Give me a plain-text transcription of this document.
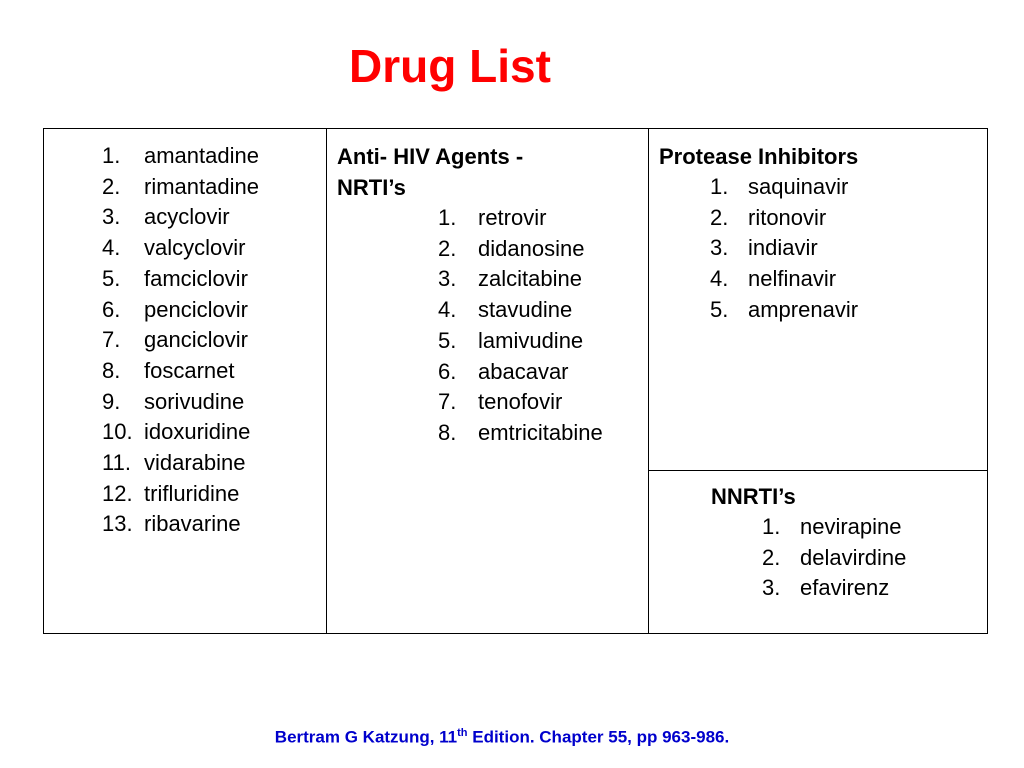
Drug List
1.	amantadine
2.	rimantadine
3.	acyclovir
4.	valcyclovir
5.	famciclovir
6.	penciclovir
7.	ganciclovir
8.	foscarnet
9.	sorivudine
10. idoxuridine
11. vidarabine
12. trifluridine
13. ribavarine

Anti- HIV Agents -
NRTI’s
1. retrovir
2. didanosine
3. zalcitabine
4. stavudine
5. lamivudine
6. abacavar
7. tenofovir
8. emtricitabine

Protease Inhibitors
1. saquinavir
2. ritonovir
3. indiavir
4. nelfinavir
5. amprenavir

NNRTI’s
1. nevirapine
2. delavirdine
3. efavirenz
Bertram G Katzung, 11th Edition. Chapter 55, pp 963-986.
